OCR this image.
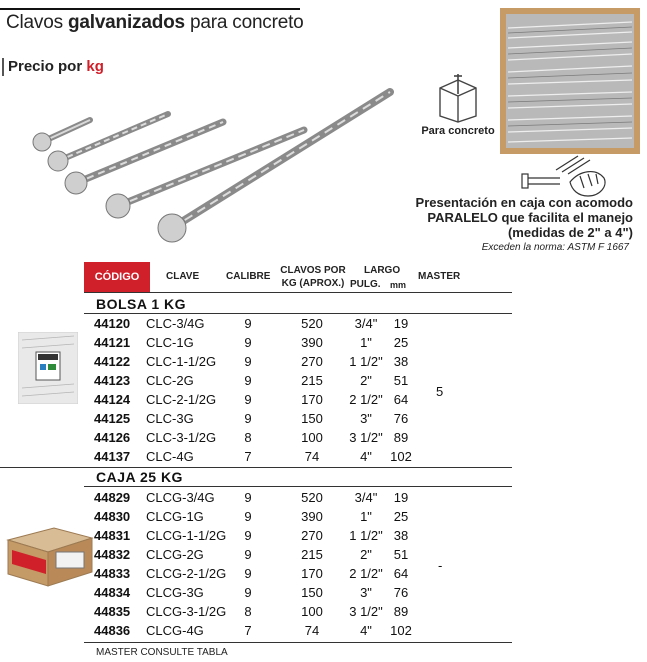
Clavos galvanizados para concreto
Precio por kg
Para concreto
Presentación en caja con acomodo
PARALELO que facilita el manejo
(medidas de 2" a 4")
Exceden la norma: ASTM F 1667
CÓDIGO	CLAVE	CALIBRE
CLAVOS POR
KG (APROX.)
LARGO
PULG. mm
MASTER
BOLSA 1 KG
44120 CLC-3/4G	9	520	3/4"	19
44121 CLC-1G	9	390	1"	25
44122 CLC-1-1/2G	9	270	1 1/2" 38
44123 CLC-2G	9	215	2"	51
44124 CLC-2-1/2G	9	170	2 1/2" 64
44125 CLC-3G	9	150	3"	76
44126 CLC-3-1/2G	8	100	3 1/2" 89
44137 CLC-4G	7	74	4"	102
5
CAJA 25 KG
44829 CLCG-3/4G	9	520	3/4"	19
44830 CLCG-1G	9	390	1"	25
44831 CLCG-1-1/2G	9	270	1 1/2" 38
44832 CLCG-2G	9	215	2"	51
44833 CLCG-2-1/2G	9	170	2 1/2" 64
44834 CLCG-3G	9	150	3"	76
44835 CLCG-3-1/2G	8	100	3 1/2" 89
44836 CLCG-4G	7	74	4"	102
-
MASTER CONSULTE TABLA
